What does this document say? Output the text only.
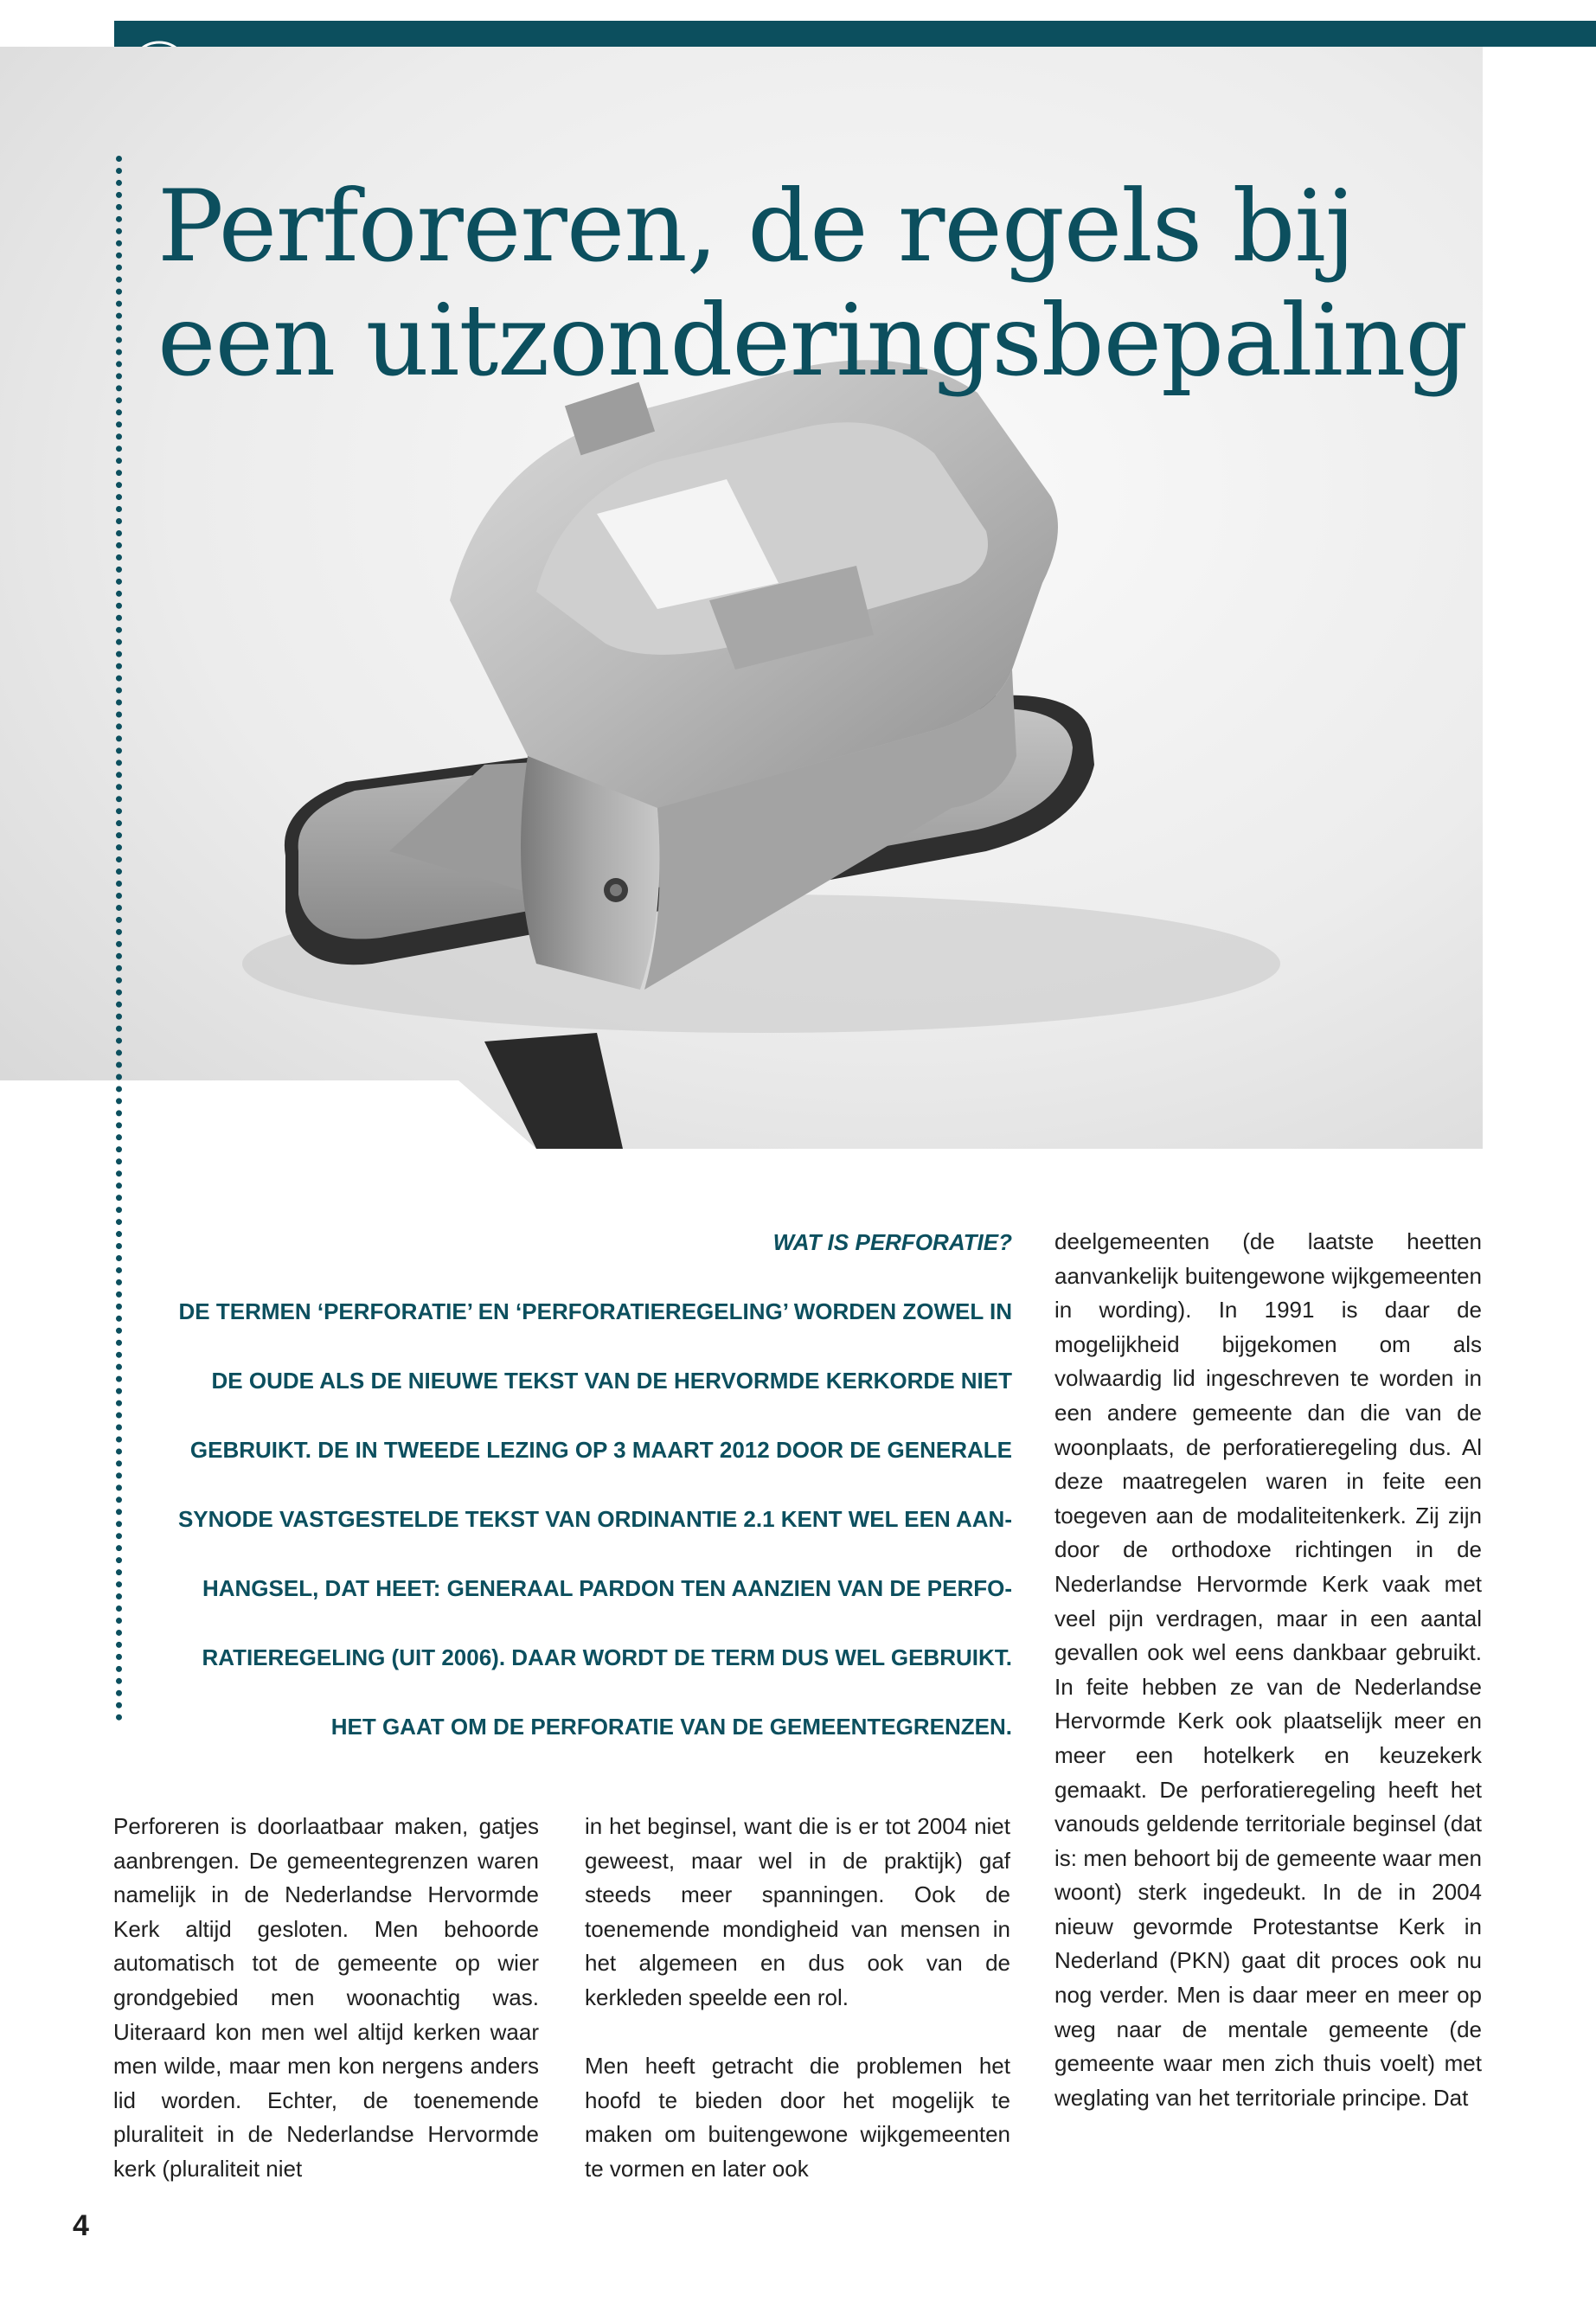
Perforeren, de regels bij
een uitzonderingsbepaling
WAT IS PERFORATIE?
DE TERMEN ‘PERFORATIE’ EN ‘PERFORATIEREGELING’ WORDEN ZOWEL IN
DE OUDE ALS DE NIEUWE TEKST VAN DE HERVORMDE KERKORDE NIET
GEBRUIKT. DE IN TWEEDE LEZING OP 3 MAART 2012 DOOR DE GENERALE
SYNODE VASTGESTELDE TEKST VAN ORDINANTIE 2.1 KENT WEL EEN AAN-
HANGSEL, DAT HEET: GENERAAL PARDON TEN AANZIEN VAN DE PERFO-
RATIEREGELING (UIT 2006). DAAR WORDT DE TERM DUS WEL GEBRUIKT.
HET GAAT OM DE PERFORATIE VAN DE GEMEENTEGRENZEN.

Perforeren is doorlaatbaar maken, gatjes aanbrengen. De gemeentegrenzen waren namelijk in de Nederlandse Hervormde Kerk altijd gesloten. Men behoorde automatisch tot de gemeente op wier grondgebied men woonachtig was. Uiteraard kon men wel altijd kerken waar men wilde, maar men kon nergens anders lid worden. Echter, de toenemende pluraliteit in de Nederlandse Hervormde kerk (pluraliteit niet

in het beginsel, want die is er tot 2004 niet geweest, maar wel in de praktijk) gaf steeds meer spanningen. Ook de toenemende mondigheid van mensen in het algemeen en dus ook van de kerkleden speelde een rol.

Men heeft getracht die problemen het hoofd te bieden door het mogelijk te maken om buitengewone wijkgemeenten te vormen en later ook

deelgemeenten (de laatste heetten aanvankelijk buitengewone wijkgemeenten in wording). In 1991 is daar de mogelijkheid bijgekomen om als volwaardig lid ingeschreven te worden in een andere gemeente dan die van de woonplaats, de perforatieregeling dus. Al deze maatregelen waren in feite een toegeven aan de modaliteitenkerk. Zij zijn door de orthodoxe richtingen in de Nederlandse Hervormde Kerk vaak met veel pijn verdragen, maar in een aantal gevallen ook wel eens dankbaar gebruikt. In feite hebben ze van de Nederlandse Hervormde Kerk ook plaatselijk meer en meer een hotelkerk en keuzekerk gemaakt. De perforatieregeling heeft het vanouds geldende territoriale beginsel (dat is: men behoort bij de gemeente waar men woont) sterk ingedeukt. In de in 2004 nieuw gevormde Protestantse Kerk in Nederland (PKN) gaat dit proces ook nu nog verder. Men is daar meer en meer op weg naar de mentale gemeente (de gemeente waar men zich thuis voelt) met weglating van het territoriale principe. Dat

4
